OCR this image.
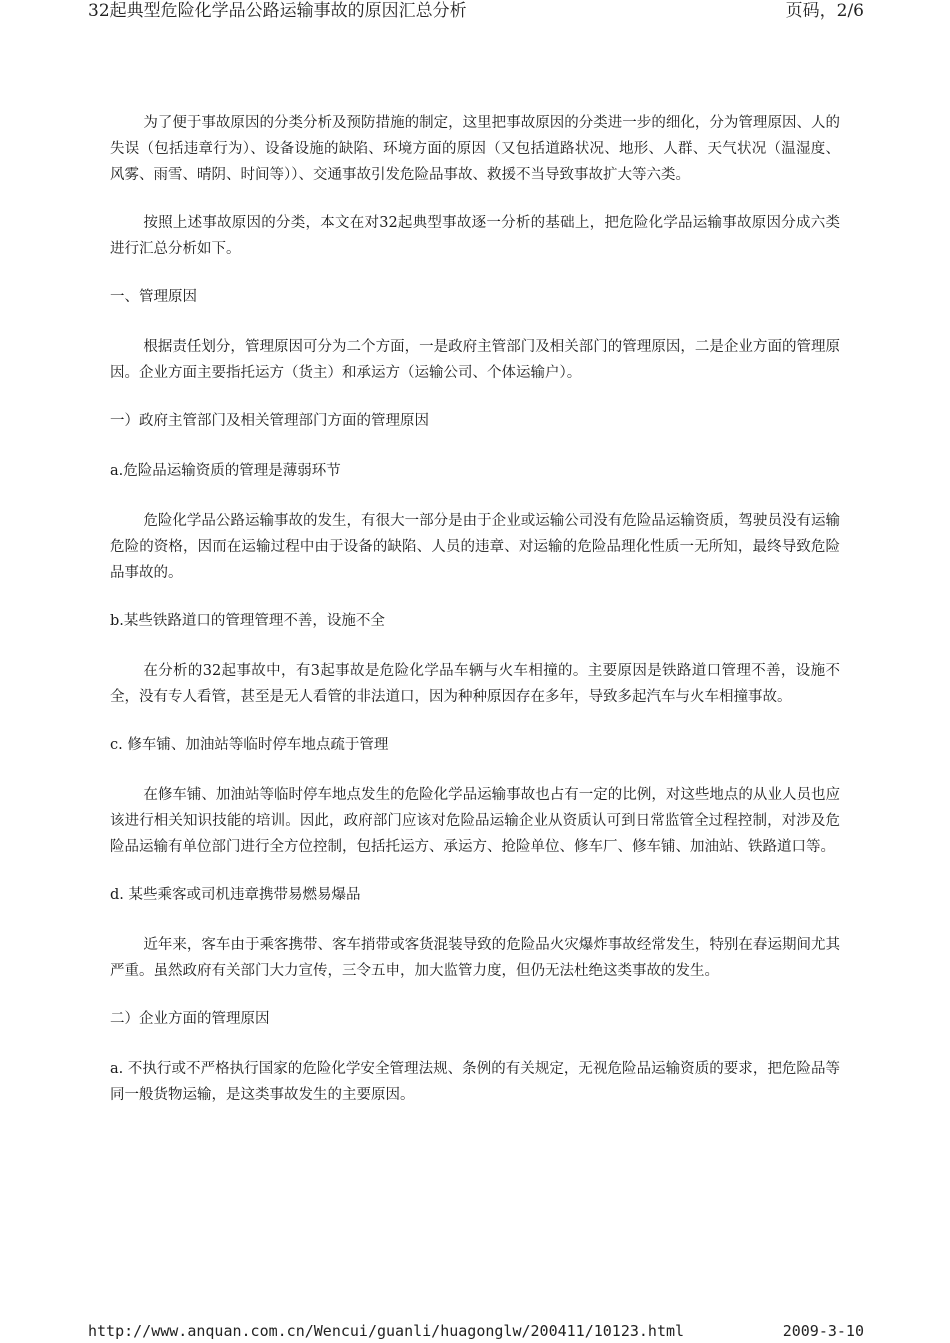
32起典型危险化学品公路运输事故的原因汇总分析	页码，2/6

为了便于事故原因的分类分析及预防措施的制定，这里把事故原因的分类进一步的细化，分为管理原因、人的失误（包括违章行为）、设备设施的缺陷、环境方面的原因（又包括道路状况、地形、人群、天气状况（温湿度、风雾、雨雪、晴阴、时间等））、交通事故引发危险品事故、救援不当导致事故扩大等六类。

按照上述事故原因的分类，本文在对32起典型事故逐一分析的基础上，把危险化学品运输事故原因分成六类进行汇总分析如下。

一、管理原因

根据责任划分，管理原因可分为二个方面，一是政府主管部门及相关部门的管理原因，二是企业方面的管理原因。企业方面主要指托运方（货主）和承运方（运输公司、个体运输户）。

一）政府主管部门及相关管理部门方面的管理原因
a.危险品运输资质的管理是薄弱环节

危险化学品公路运输事故的发生，有很大一部分是由于企业或运输公司没有危险品运输资质，驾驶员没有运输危险的资格，因而在运输过程中由于设备的缺陷、人员的违章、对运输的危险品理化性质一无所知，最终导致危险品事故的。

b.某些铁路道口的管理管理不善，设施不全

在分析的32起事故中，有3起事故是危险化学品车辆与火车相撞的。主要原因是铁路道口管理不善，设施不全，没有专人看管，甚至是无人看管的非法道口，因为种种原因存在多年，导致多起汽车与火车相撞事故。

c. 修车铺、加油站等临时停车地点疏于管理

在修车铺、加油站等临时停车地点发生的危险化学品运输事故也占有一定的比例，对这些地点的从业人员也应该进行相关知识技能的培训。因此，政府部门应该对危险品运输企业从资质认可到日常监管全过程控制，对涉及危险品运输有单位部门进行全方位控制，包括托运方、承运方、抢险单位、修车厂、修车铺、加油站、铁路道口等。

d. 某些乘客或司机违章携带易燃易爆品

近年来，客车由于乘客携带、客车捎带或客货混装导致的危险品火灾爆炸事故经常发生，特别在春运期间尤其严重。虽然政府有关部门大力宣传，三令五申，加大监管力度，但仍无法杜绝这类事故的发生。

二）企业方面的管理原因

a. 不执行或不严格执行国家的危险化学安全管理法规、条例的有关规定，无视危险品运输资质的要求，把危险品等同一般货物运输，是这类事故发生的主要原因。

http://www.anquan.com.cn/Wencui/guanli/huagonglw/200411/10123.html	2009-3-10
